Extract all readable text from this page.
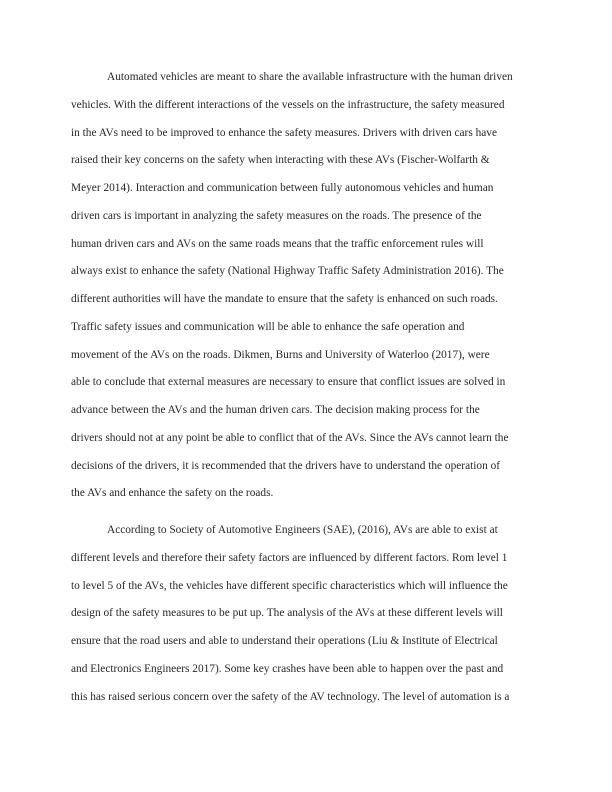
Automated vehicles are meant to share the available infrastructure with the human driven
vehicles. With the different interactions of the vessels on the infrastructure, the safety measured
in the AVs need to be improved to enhance the safety measures. Drivers with driven cars have
raised their key concerns on the safety when interacting with these AVs (Fischer-Wolfarth &
Meyer 2014). Interaction and communication between fully autonomous vehicles and human
driven cars is important in analyzing the safety measures on the roads. The presence of the
human driven cars and AVs on the same roads means that the traffic enforcement rules will
always exist to enhance the safety (National Highway Traffic Safety Administration 2016). The
different authorities will have the mandate to ensure that the safety is enhanced on such roads.
Traffic safety issues and communication will be able to enhance the safe operation and
movement of the AVs on the roads. Dikmen, Burns and University of Waterloo (2017), were
able to conclude that external measures are necessary to ensure that conflict issues are solved in
advance between the AVs and the human driven cars. The decision making process for the
drivers should not at any point be able to conflict that of the AVs. Since the AVs cannot learn the
decisions of the drivers, it is recommended that the drivers have to understand the operation of
the AVs and enhance the safety on the roads.
According to Society of Automotive Engineers (SAE), (2016), AVs are able to exist at
different levels and therefore their safety factors are influenced by different factors. Rom level 1
to level 5 of the AVs, the vehicles have different specific characteristics which will influence the
design of the safety measures to be put up. The analysis of the AVs at these different levels will
ensure that the road users and able to understand their operations (Liu & Institute of Electrical
and Electronics Engineers 2017). Some key crashes have been able to happen over the past and
this has raised serious concern over the safety of the AV technology. The level of automation is a
